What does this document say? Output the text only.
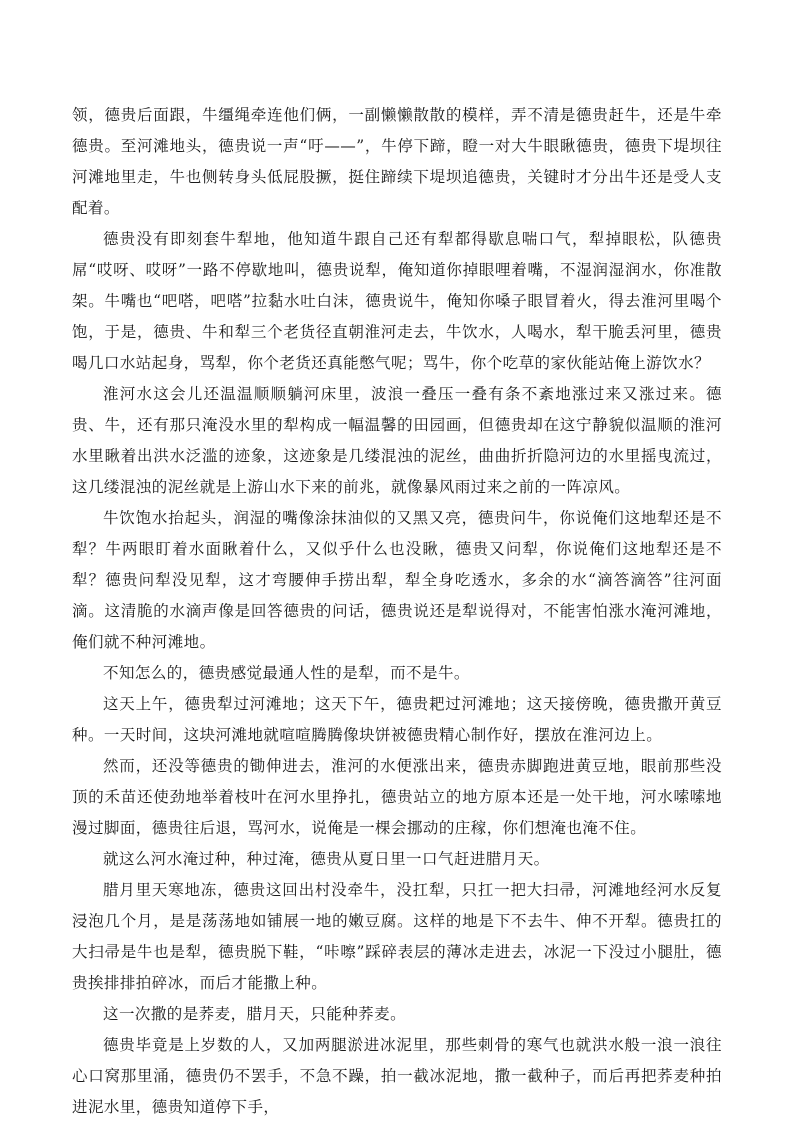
领，德贵后面跟，牛缰绳牵连他们俩，一副懒懒散散的模样，弄不清是德贵赶牛，还是牛牵德贵。至河滩地头，德贵说一声“吁——”，牛停下蹄，瞪一对大牛眼瞅德贵，德贵下堤坝往河滩地里走，牛也侧转身头低屁股撅，挺住蹄续下堤坝追德贵，关键时才分出牛还是受人支配着。

德贵没有即刻套牛犁地，他知道牛跟自己还有犁都得歇息喘口气，犁掉眼松，队德贵屌“哎呀、哎呀”一路不停歇地叫，德贵说犁，俺知道你掉眼哩着嘴，不湿润湿润水，你准散架。牛嘴也“吧嗒，吧嗒”拉黏水吐白沫，德贵说牛，俺知你嗓子眼冒着火，得去淮河里喝个饱，于是，德贵、牛和犁三个老货径直朝淮河走去，牛饮水，人喝水，犁干脆丢河里，德贵喝几口水站起身，骂犁，你个老货还真能憋气呢；骂牛，你个吃草的家伙能站俺上游饮水？

淮河水这会儿还温温顺顺躺河床里，波浪一叠压一叠有条不紊地涨过来又涨过来。德贵、牛，还有那只淹没水里的犁构成一幅温馨的田园画，但德贵却在这宁静貌似温顺的淮河水里瞅着出洪水泛滥的迹象，这迹象是几缕混浊的泥丝，曲曲折折隐河边的水里摇曳流过，这几缕混浊的泥丝就是上游山水下来的前兆，就像暴风雨过来之前的一阵凉风。

牛饮饱水抬起头，润湿的嘴像涂抹油似的又黑又亮，德贵问牛，你说俺们这地犁还是不犁？牛两眼盯着水面瞅着什么，又似乎什么也没瞅，德贵又问犁，你说俺们这地犁还是不犁？德贵问犁没见犁，这才弯腰伸手捞出犁，犁全身吃透水，多余的水“滴答滴答”往河面滴。这清脆的水滴声像是回答德贵的问话，德贵说还是犁说得对，不能害怕涨水淹河滩地，俺们就不种河滩地。

不知怎么的，德贵感觉最通人性的是犁，而不是牛。

这天上午，德贵犁过河滩地；这天下午，德贵耙过河滩地；这天接傍晚，德贵撒开黄豆种。一天时间，这块河滩地就喧喧腾腾像块饼被德贵精心制作好，摆放在淮河边上。

然而，还没等德贵的锄伸进去，淮河的水便涨出来，德贵赤脚跑进黄豆地，眼前那些没顶的禾苗还使劲地举着枝叶在河水里挣扎，德贵站立的地方原本还是一处干地，河水嗦嗦地漫过脚面，德贵往后退，骂河水，说俺是一棵会挪动的庄稼，你们想淹也淹不住。

就这么河水淹过种，种过淹，德贵从夏日里一口气赶进腊月天。

腊月里天寒地冻，德贵这回出村没牵牛，没扛犁，只扛一把大扫帚，河滩地经河水反复浸泡几个月，是是荡荡地如铺展一地的嫩豆腐。这样的地是下不去牛、伸不开犁。德贵扛的大扫帚是牛也是犁，德贵脱下鞋，“咔嚓”踩碎表层的薄冰走进去，冰泥一下没过小腿肚，德贵挨排排拍碎冰，而后才能撒上种。

这一次撒的是荞麦，腊月天，只能种荞麦。

德贵毕竟是上岁数的人，又加两腿淤进冰泥里，那些刺骨的寒气也就洪水般一浪一浪往心口窝那里涌，德贵仍不罢手，不急不躁，拍一截冰泥地，撒一截种子，而后再把荞麦种拍进泥水里，德贵知道停下手，
